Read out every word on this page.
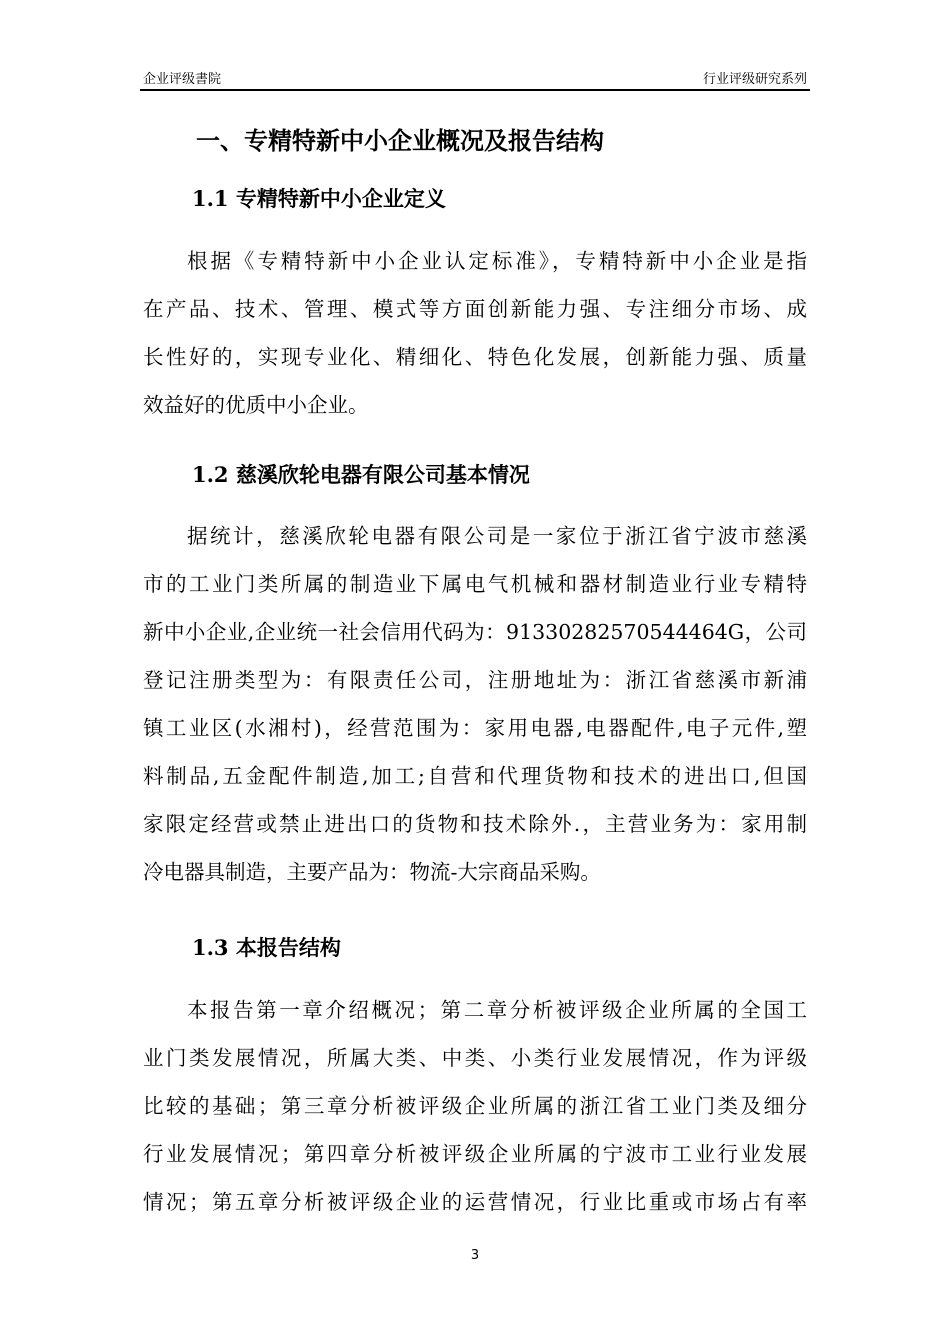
企业评级書院	行业评级研究系列
一、专精特新中小企业概况及报告结构
1.1 专精特新中小企业定义
根据《专精特新中小企业认定标准》，专精特新中小企业是指
在产品、技术、管理、模式等方面创新能力强、专注细分市场、成
长性好的，实现专业化、精细化、特色化发展，创新能力强、质量
效益好的优质中小企业。
1.2 慈溪欣轮电器有限公司基本情况
据统计，慈溪欣轮电器有限公司是一家位于浙江省宁波市慈溪
市的工业门类所属的制造业下属电气机械和器材制造业行业专精特
新中小企业,企业统一社会信用代码为：91330282570544464G，公司
登记注册类型为：有限责任公司，注册地址为：浙江省慈溪市新浦
镇工业区(水湘村)，经营范围为：家用电器,电器配件,电子元件,塑
料制品,五金配件制造,加工;自营和代理货物和技术的进出口,但国
家限定经营或禁止进出口的货物和技术除外.，主营业务为：家用制
冷电器具制造，主要产品为：物流-大宗商品采购。
1.3 本报告结构
本报告第一章介绍概况；第二章分析被评级企业所属的全国工
业门类发展情况，所属大类、中类、小类行业发展情况，作为评级
比较的基础；第三章分析被评级企业所属的浙江省工业门类及细分
行业发展情况；第四章分析被评级企业所属的宁波市工业行业发展
情况；第五章分析被评级企业的运营情况，行业比重或市场占有率
3
